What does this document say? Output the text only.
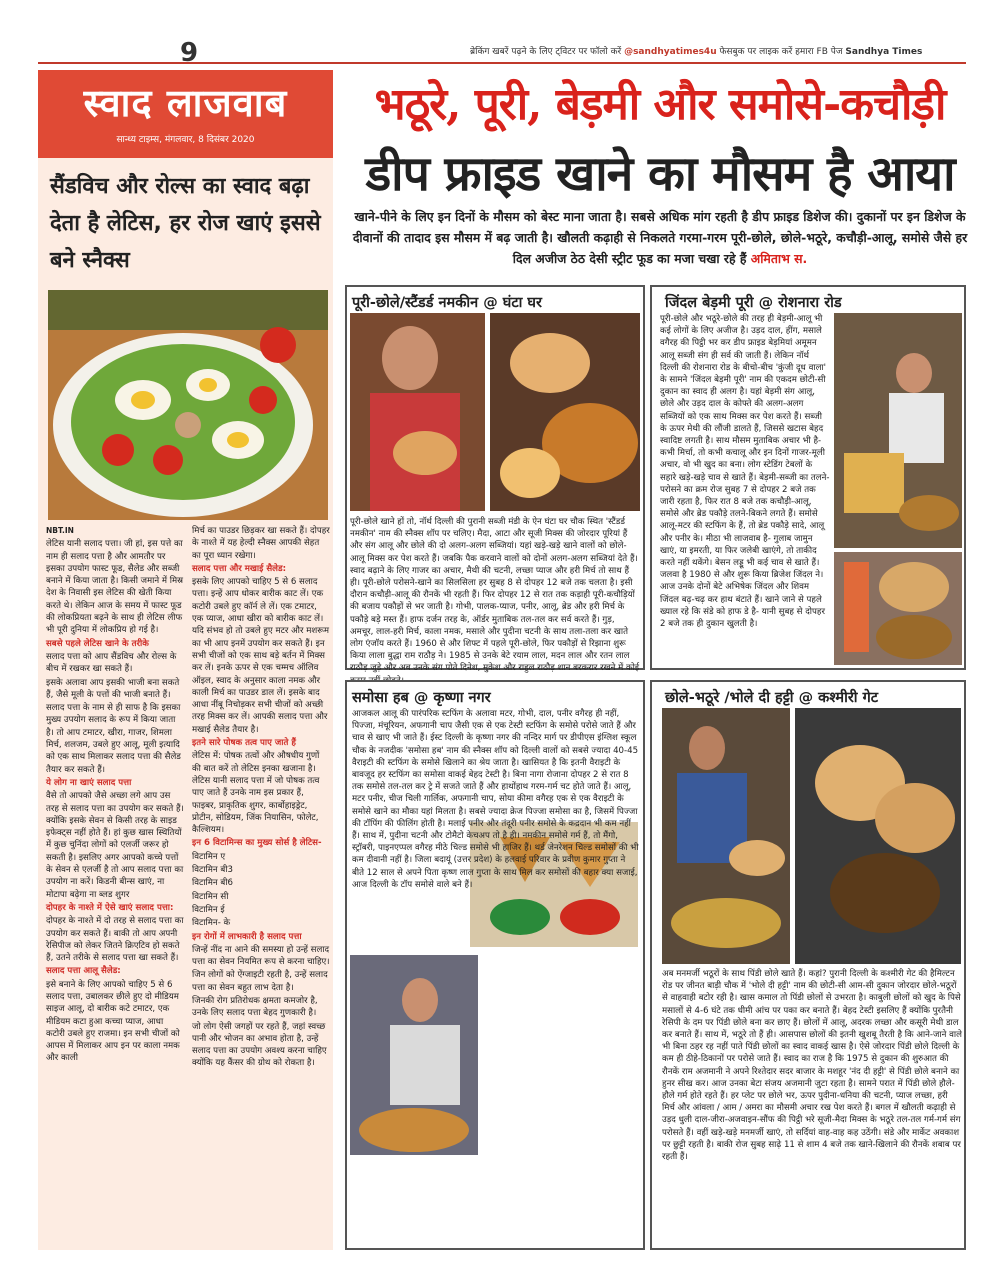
9	ब्रेकिंग खबरें पढ़ने के लिए ट्विटर पर फॉलो करें @sandhyatimes4u फेसबुक पर लाइक करें हमारा FB पेज Sandhya Times
स्वाद लाजवाब
सान्ध्य टाइम्स, मंगलवार, 8 दिसंबर 2020
सैंडविच और रोल्स का स्वाद बढ़ा देता है लेटिस, हर रोज खाएं इससे बने स्नैक्स

NBT.IN

लेटिस यानी सलाद पत्ता। जी हां, इस पत्ते का नाम ही सलाद पत्ता है और आमतौर पर इसका उपयोग फास्ट फूड, सैलेड और सब्जी बनाने में किया जाता है। किसी जमाने में मिस्र देश के निवासी इस लेटिस की खेती किया करते थे। लेकिन आज के समय में फास्ट फूड की लोकप्रियता बढ़ने के साथ ही लेटिस लीफ भी पूरी दुनिया में लोकप्रिय हो गई है।

सबसे पहले लेटिस खाने के तरीके

सलाद पत्ता को आप सैंडविच और रोल्स के बीच में रखकर खा सकते हैं।

इसके अलावा आप इसकी भाजी बना सकते हैं, जैसे मूली के पत्तों की भाजी बनाते हैं।

सलाद पत्ता के नाम से ही साफ है कि इसका मुख्य उपयोग सलाद के रूप में किया जाता है। तो आप टमाटर, खीरा, गाजर, शिमला मिर्च, शलजम, उबले हुए आलू, मूली इत्यादि को एक साथ मिलाकर सलाद पत्ता की सैलेड तैयार कर सकते हैं।

ये लोग ना खाएं सलाद पत्ता

वैसे तो आपको जैसे अच्छा लगे आप उस तरह से सलाद पत्ता का उपयोग कर सकते हैं। क्योंकि इसके सेवन से किसी तरह के साइड इफेक्ट्स नहीं होते हैं। हां कुछ खास स्थितियों में कुछ चुनिंदा लोगों को एलर्जी जरूर हो सकती है। इसलिए अगर आपको कच्चे पत्तों के सेवन से एलर्जी है तो आप सलाद पत्ता का उपयोग ना करें। किडनी बीन्स खाएं, ना मोटापा बढ़ेगा ना ब्लड शुगर

दोपहर के नाश्ते में ऐसे खाएं सलाद पत्ता:

दोपहर के नाश्ते में दो तरह से सलाद पत्ता का उपयोग कर सकते हैं। बाकी तो आप अपनी रेसिपीज को लेकर जितने क्रिएटिव हो सकते हैं, उतने तरीके से सलाद पत्ता खा सकते हैं।

सलाद पत्ता आलू सैलेड:

इसे बनाने के लिए आपको चाहिए 5 से 6 सलाद पत्ता, उबालकर छीले हुए दो मीडियम साइज आलू, दो बारीक कटे टमाटर, एक मीडियम कटा हुआ कच्चा प्याज, आधा कटोरी उबले हुए राजमा। इन सभी चीजों को आपस में मिलाकर आप इन पर काला नमक और काली

मिर्च का पाउडर छिड़कर खा सकते हैं। दोपहर के नाश्ते में यह हेल्दी स्नैक्स आपकी सेहत का पूरा ध्यान रखेगा।

सलाद पत्ता और मखाई सैलेड:

इसके लिए आपको चाहिए 5 से 6 सलाद पत्ता। इन्हें आप धोकर बारीक काट लें। एक कटोरी उबले हुए कॉर्न ले लें। एक टमाटर, एक प्याज, आधा खीरा को बारीक काट लें। यदि संभव हो तो उबले हुए मटर और मशरूम का भी आप इनमें उपयोग कर सकते हैं। इन सभी चीजों को एक साथ बड़े बर्तन में मिक्स कर लें। इनके ऊपर से एक चम्मच ऑलिव ऑइल, स्वाद के अनुसार काला नमक और काली मिर्च का पाउडर डाल लें। इसके बाद आधा नींबू निचोड़कर सभी चीजों को अच्छी तरह मिक्स कर लें। आपकी सलाद पत्ता और मखाई सैलेड तैयार है।

इतने सारे पोषक तत्व पाए जाते हैं

लेटिस में: पोषक तत्वों और औषधीय गुणों की बात करें तो लेटिस इनका खजाना है। लेटिस यानी सलाद पत्ता में जो पोषक तत्व पाए जाते हैं उनके नाम इस प्रकार हैं, फाइबर, प्राकृतिक शुगर, कार्बोहाइड्रेट, प्रोटीन, सोडियम, जिंक नियासिन, फोलेट, कैल्शियम।

इन 6 विटामिन्स का मुख्य सोर्स है लेटिस-

विटामिन ए

विटामिन बी3

विटामिन बी6

विटामिन सी

विटामिन ई

विटामिन- के

इन रोगों में लाभकारी है सलाद पत्ता

जिन्हें नींद ना आने की समस्या हो उन्हें सलाद पत्ता का सेवन नियमित रूप से करना चाहिए।

जिन लोगों को ऐंग्जाइटी रहती है, उन्हें सलाद पत्ता का सेवन बहुत लाभ देता है।

जिनकी रोग प्रतिरोधक क्षमता कमजोर है, उनके लिए सलाद पत्ता बेहद गुणकारी है।

जो लोग ऐसी जगहों पर रहते हैं, जहां स्वच्छ पानी और भोजन का अभाव होता है, उन्हें सलाद पत्ता का उपयोग अवश्य करना चाहिए क्योंकि यह कैंसर की ग्रोथ को रोकता है।

भठूरे, पूरी, बेड़मी और समोसे-कचौड़ी
डीप फ्राइड खाने का मौसम है आया
खाने-पीने के लिए इन दिनों के मौसम को बेस्ट माना जाता है। सबसे अधिक मांग रहती है डीप फ्राइड डिशेज की। दुकानों पर इन डिशेज के दीवानों की तादाद इस मौसम में बढ़ जाती है। खौलती कढ़ाही से निकलते गरमा-गरम पूरी-छोले, छोले-भठूरे, कचौड़ी-आलू, समोसे जैसे हर दिल अजीज ठेठ देसी स्ट्रीट फूड का मजा चखा रहे हैं अमिताभ स.
पूरी-छोले/स्टैंडर्ड नमकीन @ घंटा घर
पूरी-छोले खाने हों तो, नॉर्थ दिल्ली की पुरानी सब्जी मंडी के ऐन घंटा घर चौक स्थित 'स्टैंडर्ड नमकीन' नाम की स्नैक्स शॉप पर चलिए। मैदा, आटा और सूजी मिक्स की जोरदार पूरियां हैं और संग आलू और छोले की दो अलग-अलग सब्जियां। यहां खड़े-खड़े खाने वालों को छोले-आलू मिक्स कर पेश करते हैं। जबकि पैक करवाने वालों को दोनों अलग-अलग सब्जियां देते हैं। स्वाद बढ़ाने के लिए गाजर का अचार, मैथी की चटनी, लच्छा प्याज और हरी मिर्च तो साथ हैं ही। पूरी-छोले परोसने-खाने का सिलसिला हर सुबह 8 से दोपहर 12 बजे तक चलता है। इसी दौरान कचौड़ी-आलू की रौनकें भी रहती हैं। फिर दोपहर 12 से रात तक कड़ाही पूरी-कचौड़ियों की बजाय पकौड़ों से भर जाती है। गोभी, पालक-प्याज, पनीर, आलू, ब्रेड और हरी मिर्च के पकौड़े बड़े मस्त हैं। हाफ दर्जन तरह के, ऑर्डर मुताबिक तल-तल कर सर्व करते हैं। गुड़, अमचूर, लाल-हरी मिर्च, काला नमक, मसाले और पुदीना चटनी के साथ तला-तला कर खाते लोग एंजॉय करते हैं। 1960 से और शिफ्ट में पहले पूरी-छोले, फिर पकौड़ों से रिझाना शुरू किया लाला बुद्धा राम राठौड़ ने। 1985 से उनके बेटे रयाम लाल, मदन लाल और रतन लाल राठौड़ जुड़े और अब उनके संग पोते दिनेश, मुकेश और राहुल राठौड़ शान बरकरार रखने में कोई
जिंदल बेड़मी पूरी @ रोशनारा रोड
पूरी-छोले और भठूरे-छोले की तरह ही बेड़मी-आलू भी कई लोगों के लिए अजीज है। उड़द दाल, हींग, मसाले वगैरह की पिट्ठी भर कर डीप फ्राइड बेड़मियां अमूमन आलू सब्जी संग ही सर्व की जाती हैं। लेकिन नॉर्थ दिल्ली की रोशनारा रोड के बीचो-बीच 'कुंजी दूध वाला' के सामने 'जिंदल बेड़मी पूरी' नाम की एकदम छोटी-सी दुकान का स्वाद ही अलग है। यहां बेड़मी संग आलू, छोले और उड़द दाल के कोफ्ते की अलग-अलग सब्जियों को एक साथ मिक्स कर पेश करते हैं। सब्जी के ऊपर मेथी की लौंजी डालते हैं, जिससे खटास बेहद स्वादिष्ट लगती है। साथ मौसम मुताबिक अचार भी है- कभी मिर्चा, तो कभी कचालू और इन दिनों गाजर-मूली अचार, वो भी खुद का बना। लोग स्टेडिंग टेबलों के सहारे खड़े-खड़े चाव से खाते हैं। बेड़मी-सब्जी का तलने-परोसने का क्रम रोज सुबह 7 से दोपहर 2 बजे तक जारी रहता है, फिर रात 8 बजे तक कचौड़ी-आलू, समोसे और ब्रेड पकौड़े तलने-बिकने लगते हैं। समोसे आलू-मटर की स्टफिंग के हैं, तो ब्रेड पकौड़े सादे, आलू और पनीर के। मीठा भी लाजवाब है- गुलाब जामुन खाएं, या इमरती, या फिर जलेबी खाएंगे, तो ताकीद करते नहीं थकेंगे। बेसन लड्डू भी कई चाव से खाते हैं। जलवा है 1980 से और शुरू किया ब्रिजेश जिंदल ने। आज उनके दोनों बेटे अभिषेक जिंदल और शिवम जिंदल बढ़-चढ़ कर हाथ बंटाते हैं। खाने जाने से पहले ख्याल रहे कि संडे को हाफ डे है- यानी सुबह से दोपहर 2 बजे तक ही दुकान खुलती है।
समोसा हब @ कृष्णा नगर
आजकल आलू की पारंपरिक स्टफिंग के अलावा मटर, गोभी, दाल, पनीर वगैरह ही नहीं, पिज्जा, मंचूरियन, अफगानी चाप जैसी एक से एक टेस्टी स्टफिंग के समोसे परोसे जाते हैं और चाव से खाए भी जाते हैं। ईस्ट दिल्ली के कृष्णा नगर की नन्दिर मार्ग पर डीपीएस इंग्लिश स्कूल चौक के नजदीक 'समोसा हब' नाम की स्नैक्स शॉप को दिल्ली वालों को सबसे ज्यादा 40-45 वैराइटी की स्टफिंग के समोसे खिलाने का श्रेय जाता है। खासियत है कि इतनी वैराइटी के बावजूद हर स्टफिंग का समोसा वाकई बेहद टेस्टी है। बिना नागा रोजाना दोपहर 2 से रात 8 तक समोसे तल-तल कर ट्रे में सजते जाते हैं और हाथोंहाथ गरम-गर्म चट होते जाते हैं। आलू, मटर पनीर, चीज चिली गार्लिक, अफगानी चाप, सोया कीमा वगैरह एक से एक वैराइटी के समोसे खाने का मौका यहां मिलता है। सबसे ज्यादा क्रेज पिज्जा समोसा का है, जिसमें पिज्जा की टॉपिंग की फीलिंग होती है। मलाई पनीर और तंदूरी पनीर समोसे के कद्रदान भी कम नहीं हैं। साथ में, पुदीना चटनी और टोमैटो केचअप तो है ही। नमकीन समोसे गर्म हैं, तो मैंगो, स्ट्रॉबरी, पाइनएप्पल वगैरह मीठे चिल्ड समोसे भी हाजिर हैं। थर्ड जेनरेशन चिल्ड समोसों की भी कम दीवानी नहीं है। जिला बदायूं (उत्तर प्रदेश) के हलवाई परिवार के प्रवीण कुमार गुप्ता ने बीते 12 साल से अपने पिता कृष्ण लाल गुप्ता के साथ मिल कर समोसों की बहार क्या सजाई, आज दिल्ली के टॉप समोसे वाले बने हैं।
छोले-भठूरे /भोले दी हट्टी @ कश्मीरी गेट
अब मनमर्जी भठूरों के साथ पिंडी छोले खाते हैं। कहां? पुरानी दिल्ली के कश्मीरी गेट की हैमिल्टन रोड पर जीनत बाड़ी चौक में 'भोले दी हट्टी' नाम की छोटी-सी आम-सी दुकान जोरदार छोले-भठूरों से वाहवाही बटोर रही है। खास कमाल तो पिंडी छोलों से उभरता है। काबुली छोलों को खुद के पिसे मसालों से 4-6 घंटे तक धीमी आंच पर पका कर बनाते हैं। बेहद टेस्टी इसलिए हैं क्योंकि पुरतैनी रेसिपी के दम पर पिंडी छोले बना कर छाए हैं। छोलों में आलू, अदरक लच्छा और कसूरी मेथी डाल कर बनाते हैं। साथ में, भठूरे तो हैं ही। आसपास छोलों की इतनी खुशबू तैरती है कि आने-जाने वाले भी बिना ठहर रह नहीं पाते पिंडी छोलों का स्वाद वाकई खास है। ऐसे जोरदार पिंडी छोले दिल्ली के कम ही ठीहे-ठिकानों पर परोसे जाते हैं। स्वाद का राज है कि 1975 से दुकान की शुरुआत की रौनकें राम अजमानी ने अपने रिश्तेदार सदर बाजार के मशहूर 'नंद दी हट्टी' से पिंडी छोले बनाने का हुनर सीख कर। आज उनका बेटा संजय अजमानी जुटा रहता है। सामने परात में पिंडी छोले हौले-हौले गर्म होते रहते हैं। हर प्लेट पर छोले भर, ऊपर पुदीना-धनिया की चटनी, प्याज लच्छा, हरी मिर्च और आंवला / आम / अमरा का मौसमी अचार रख पेश करते हैं। बगल में खौलती कढ़ाही से उड़द धुली दाल-जीरा-अजवाइन-सौंफ की पिट्ठी भरे सूजी-मैदा मिक्स के भठूरे तल-तल गर्म-गर्म संग परोसते हैं। वहीं खड़े-खड़े मनमर्जी खाएं, तो सर्दियां वाह-वाह कह उठेंगी। संडे और मार्केट अवकाश पर छुट्टी रहती है। बाकी रोज सुबह साढ़े 11 से शाम 4 बजे तक खाने-खिलाने की रौनकें शबाब पर रहती हैं।
